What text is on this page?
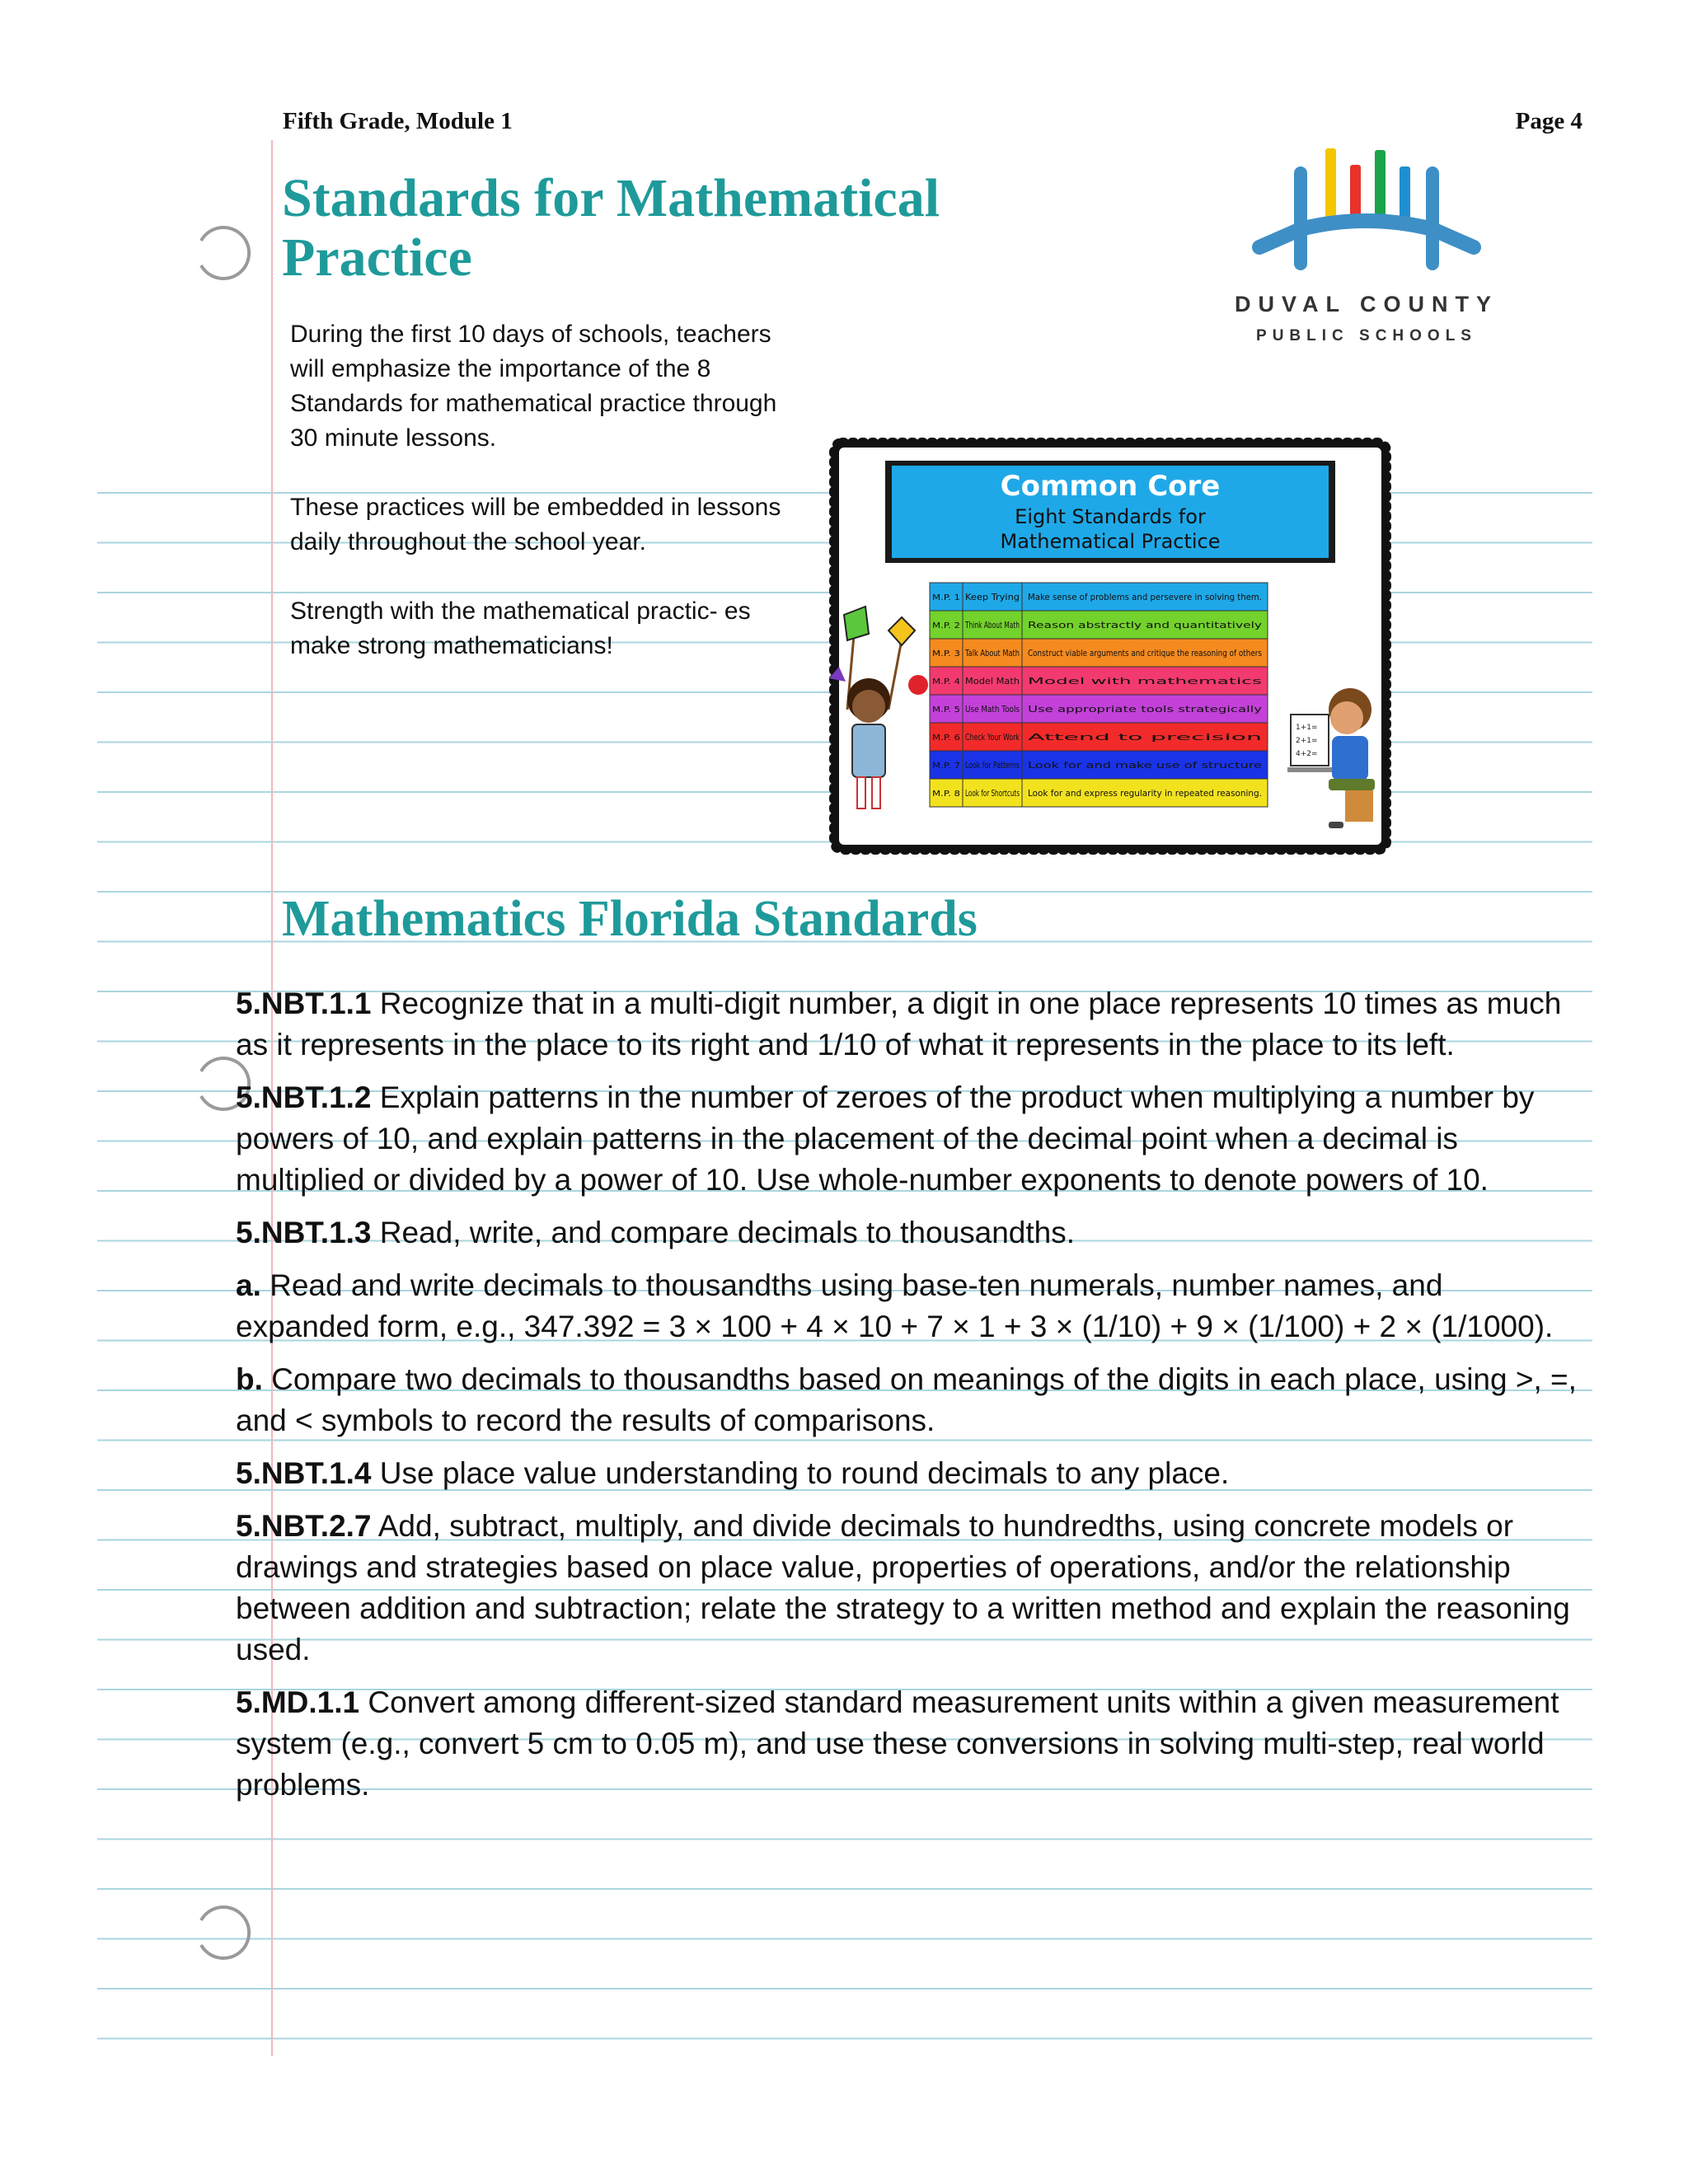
Fifth Grade, Module 1	Page 4
Standards for Mathematical
Practice

During the first 10 days of schools, teachers will emphasize the importance of the 8 Standards for mathematical practice through 30 minute lessons.

These practices will be embedded in lessons daily throughout the school year.

Strength with the mathematical practic- es make strong mathematicians!

DUVAL COUNTY
PUBLIC SCHOOLS
Common Core
Eight Standards for
Mathematical Practice
M.P. 1 Keep Trying Make sense of problems and persevere in solving them.
M.P. 2 Think About Math Reason abstractly and quantitatively
M.P. 3 Talk About Math Construct viable arguments and critique the reasoning of others
M.P. 4 Model Math Model with mathematics
M.P. 5 Use Math Tools Use appropriate tools strategically
M.P. 6 Check Your Work Attend to precision
M.P. 7 Look for Patterns Look for and make use of structure
M.P. 8 Look for Shortcuts Look for and express regularity in repeated reasoning.
1+1=
2+1=
4+2=
Mathematics Florida Standards

5.NBT.1.1 Recognize that in a multi-digit number, a digit in one place represents 10 times as much as it represents in the place to its right and 1/10 of what it represents in the place to its left.

5.NBT.1.2 Explain patterns in the number of zeroes of the product when multiplying a number by powers of 10, and explain patterns in the placement of the decimal point when a decimal is multiplied or divided by a power of 10. Use whole-number exponents to denote powers of 10.

5.NBT.1.3 Read, write, and compare decimals to thousandths.

a. Read and write decimals to thousandths using base-ten numerals, number names, and expanded form, e.g., 347.392 = 3 × 100 + 4 × 10 + 7 × 1 + 3 × (1/10) + 9 × (1/100) + 2 × (1/1000).

b. Compare two decimals to thousandths based on meanings of the digits in each place, using >, =, and < symbols to record the results of comparisons.

5.NBT.1.4 Use place value understanding to round decimals to any place.

5.NBT.2.7 Add, subtract, multiply, and divide decimals to hundredths, using concrete models or drawings and strategies based on place value, properties of operations, and/or the relationship between addition and subtraction; relate the strategy to a written method and explain the reasoning used.

5.MD.1.1 Convert among different-sized standard measurement units within a given measurement system (e.g., convert 5 cm to 0.05 m), and use these conversions in solving multi-step, real world problems.
